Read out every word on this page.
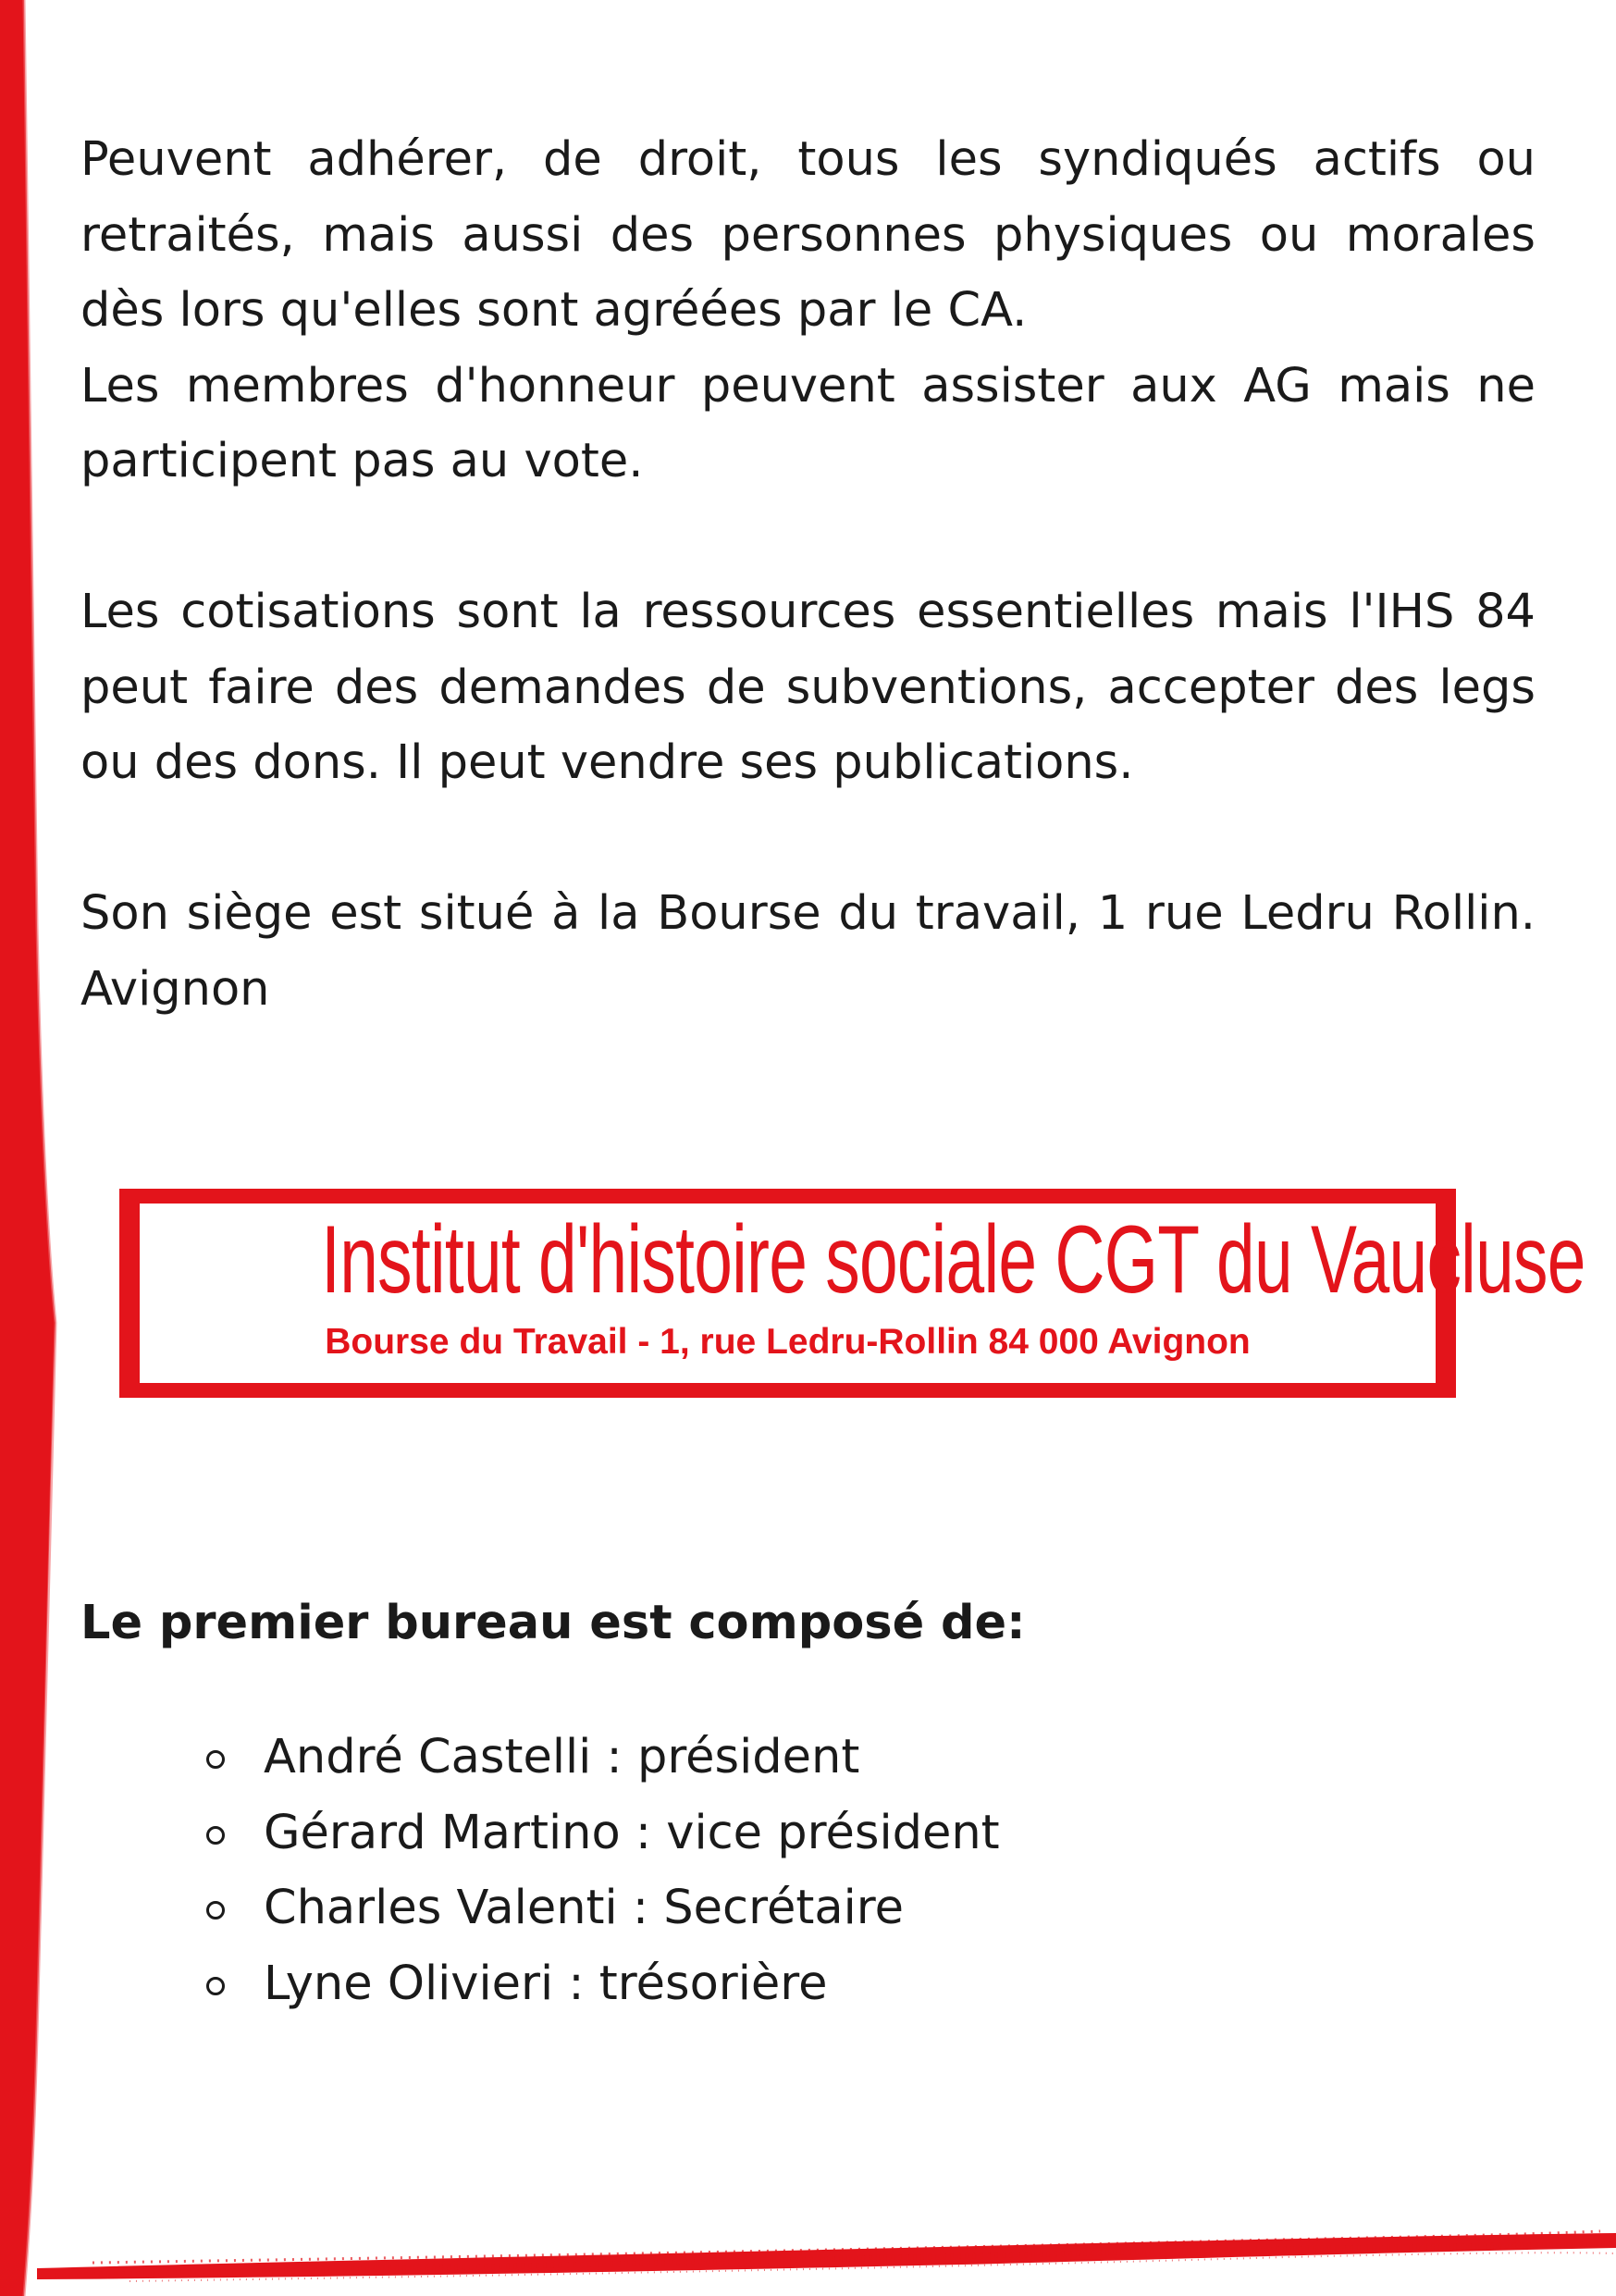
Peuvent adhérer, de droit, tous les syndiqués actifs ou retraités, mais aussi des personnes physiques ou morales dès lors qu'elles sont agréées par le CA.

Les membres d'honneur peuvent assister aux AG mais ne participent pas au vote.

Les cotisations sont la ressources essentielles mais l'IHS 84 peut faire des demandes de subventions, accepter des legs ou des dons. Il peut vendre ses publications.

Son siège est situé à la Bourse du travail, 1 rue Ledru Rollin. Avignon

Institut d'histoire sociale CGT du Vaucluse
Bourse du Travail - 1, rue Ledru-Rollin 84 000 Avignon
Le premier bureau est composé de:
André Castelli : président
Gérard Martino : vice président
Charles Valenti : Secrétaire
Lyne Olivieri : trésorière
